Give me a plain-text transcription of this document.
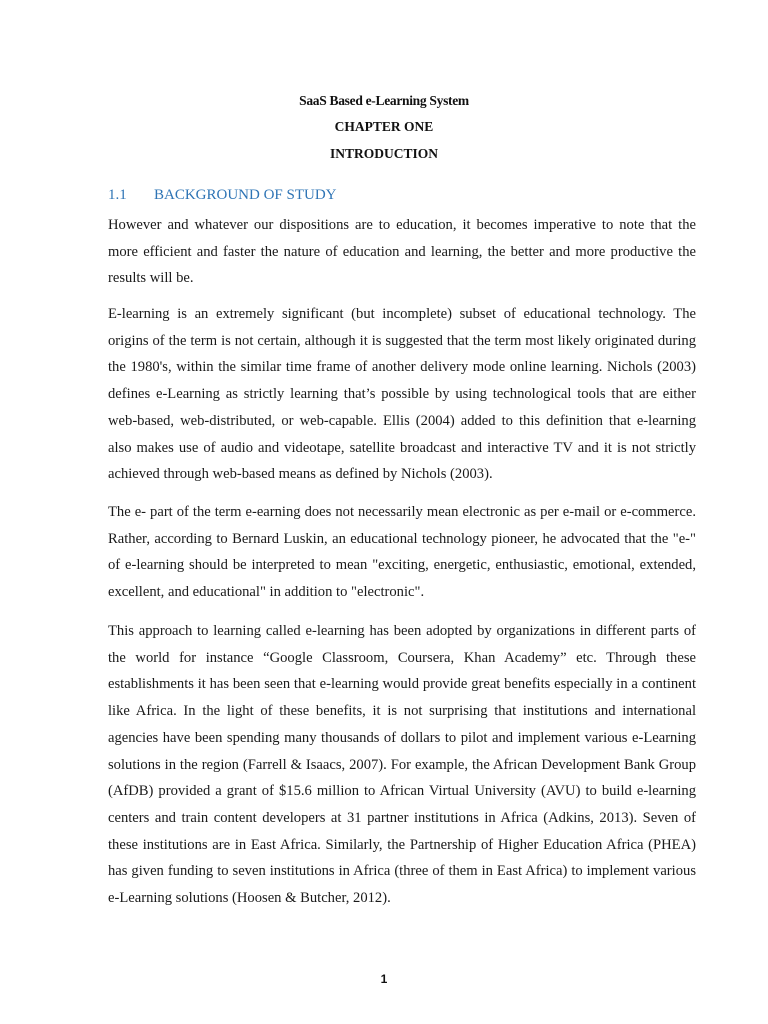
SaaS Based e-Learning System
CHAPTER ONE
INTRODUCTION
1.1	BACKGROUND OF STUDY

However and whatever our dispositions are to education, it becomes imperative to note that the more efficient and faster the nature of education and learning, the better and more productive the results will be.

E-learning is an extremely significant (but incomplete) subset of educational technology. The origins of the term is not certain, although it is suggested that the term most likely originated during the 1980's, within the similar time frame of another delivery mode online learning. Nichols (2003) defines e-Learning as strictly learning that’s possible by using technological tools that are either web-based, web-distributed, or web-capable. Ellis (2004) added to this definition that e-learning also makes use of audio and videotape, satellite broadcast and interactive TV and it is not strictly achieved through web-based means as defined by Nichols (2003).

The e- part of the term e-earning does not necessarily mean electronic as per e-mail or e-commerce. Rather, according to Bernard Luskin, an educational technology pioneer, he advocated that the "e-" of e-learning should be interpreted to mean "exciting, energetic, enthusiastic, emotional, extended, excellent, and educational" in addition to "electronic".

This approach to learning called e-learning has been adopted by organizations in different parts of the world for instance “Google Classroom, Coursera, Khan Academy” etc. Through these establishments it has been seen that e-learning would provide great benefits especially in a continent like Africa. In the light of these benefits, it is not surprising that institutions and international agencies have been spending many thousands of dollars to pilot and implement various e-Learning solutions in the region (Farrell & Isaacs, 2007). For example, the African Development Bank Group (AfDB) provided a grant of $15.6 million to African Virtual University (AVU) to build e-learning centers and train content developers at 31 partner institutions in Africa (Adkins, 2013). Seven of these institutions are in East Africa. Similarly, the Partnership of Higher Education Africa (PHEA) has given funding to seven institutions in Africa (three of them in East Africa) to implement various e-Learning solutions (Hoosen & Butcher, 2012).

1
